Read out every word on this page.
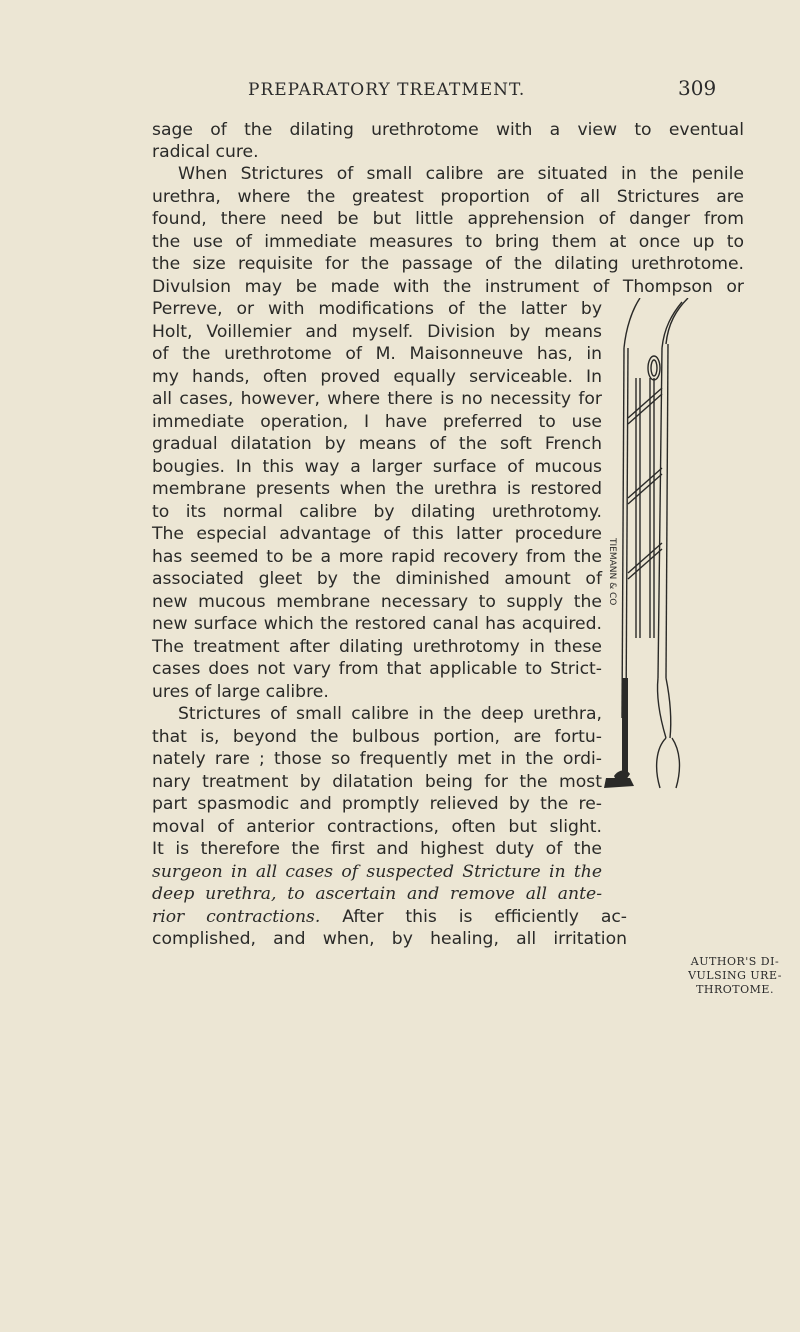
PREPARATORY TREATMENT.	309
sage of the dilating urethrotome with a view to eventual
radical cure.
When Strictures of small calibre are situated in the penile
urethra, where the greatest proportion of all Strictures are
found, there need be but little apprehension of danger from
the use of immediate measures to bring them at once up to
the size requisite for the passage of the dilating urethrotome.
Divulsion may be made with the instrument of Thompson or
Perreve, or with modifications of the latter by
Holt, Voillemier and myself. Division by means
of the urethrotome of M. Maisonneuve has, in
my hands, often proved equally serviceable. In
all cases, however, where there is no necessity for
immediate operation, I have preferred to use
gradual dilatation by means of the soft French
bougies. In this way a larger surface of mucous
membrane presents when the urethra is restored
to its normal calibre by dilating urethrotomy.
The especial advantage of this latter procedure
has seemed to be a more rapid recovery from the
associated gleet by the diminished amount of
new mucous membrane necessary to supply the
new surface which the restored canal has acquired.
The treatment after dilating urethrotomy in these
cases does not vary from that applicable to Strict-
ures of large calibre.
Strictures of small calibre in the deep urethra,
that is, beyond the bulbous portion, are fortu-
nately rare ; those so frequently met in the ordi-
nary treatment by dilatation being for the most
part spasmodic and promptly relieved by the re-
moval of anterior contractions, often but slight.
It is therefore the first and highest duty of the
surgeon in all cases of suspected Stricture in the
deep urethra, to ascertain and remove all ante-
rior contractions. After this is efficiently ac-
complished, and when, by healing, all irritation
TIEMANN & CO
AUTHOR'S DI-
VULSING URE-
THROTOME.
